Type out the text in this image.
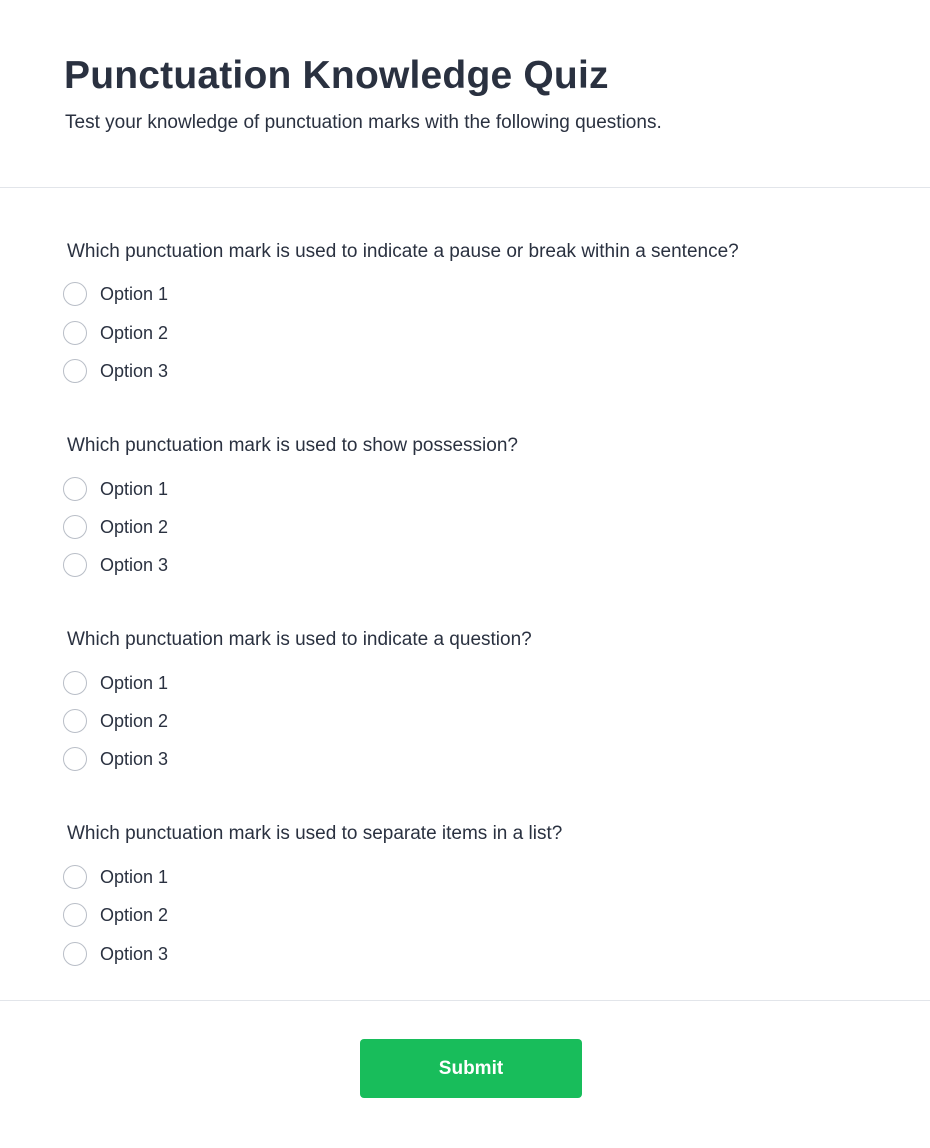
Punctuation Knowledge Quiz

Test your knowledge of punctuation marks with the following questions.

Which punctuation mark is used to indicate a pause or break within a sentence?

Option 1
Option 2
Option 3

Which punctuation mark is used to show possession?

Option 1
Option 2
Option 3

Which punctuation mark is used to indicate a question?

Option 1
Option 2
Option 3

Which punctuation mark is used to separate items in a list?

Option 1
Option 2
Option 3
Submit
